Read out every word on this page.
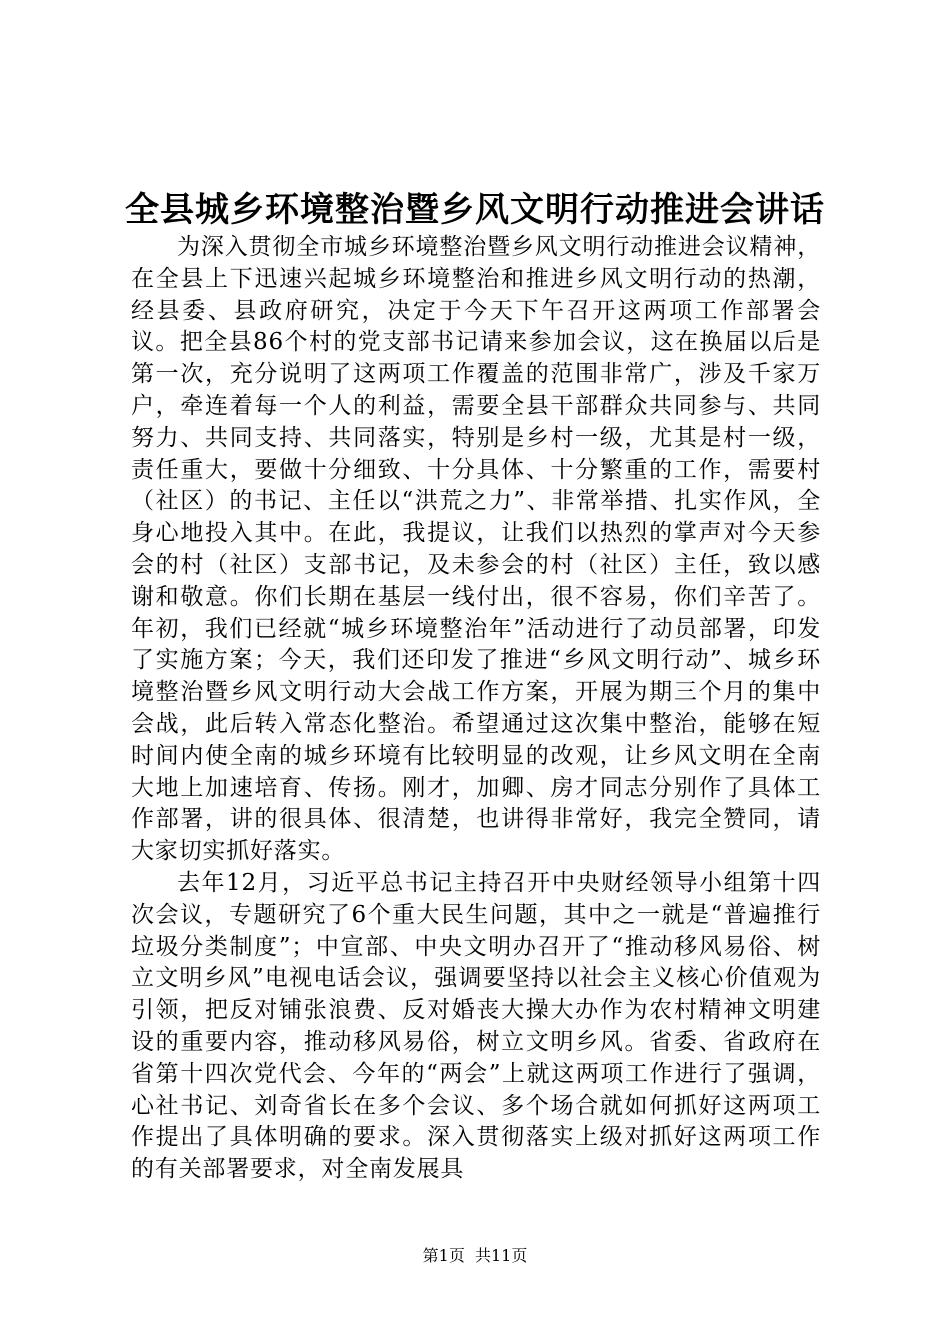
全县城乡环境整治暨乡风文明行动推进会讲话

为深入贯彻全市城乡环境整治暨乡风文明行动推进会议精神，在全县上下迅速兴起城乡环境整治和推进乡风文明行动的热潮，经县委、县政府研究，决定于今天下午召开这两项工作部署会议。把全县86个村的党支部书记请来参加会议，这在换届以后是第一次，充分说明了这两项工作覆盖的范围非常广，涉及千家万户，牵连着每一个人的利益，需要全县干部群众共同参与、共同努力、共同支持、共同落实，特别是乡村一级，尤其是村一级，责任重大，要做十分细致、十分具体、十分繁重的工作，需要村（社区）的书记、主任以“洪荒之力”、非常举措、扎实作风，全身心地投入其中。在此，我提议，让我们以热烈的掌声对今天参会的村（社区）支部书记，及未参会的村（社区）主任，致以感谢和敬意。你们长期在基层一线付出，很不容易，你们辛苦了。年初，我们已经就“城乡环境整治年”活动进行了动员部署，印发了实施方案；今天，我们还印发了推进“乡风文明行动”、城乡环境整治暨乡风文明行动大会战工作方案，开展为期三个月的集中会战，此后转入常态化整治。希望通过这次集中整治，能够在短时间内使全南的城乡环境有比较明显的改观，让乡风文明在全南大地上加速培育、传扬。刚才，加卿、房才同志分别作了具体工作部署，讲的很具体、很清楚，也讲得非常好，我完全赞同，请大家切实抓好落实。

去年12月，习近平总书记主持召开中央财经领导小组第十四次会议，专题研究了6个重大民生问题，其中之一就是“普遍推行垃圾分类制度”；中宣部、中央文明办召开了“推动移风易俗、树立文明乡风”电视电话会议，强调要坚持以社会主义核心价值观为引领，把反对铺张浪费、反对婚丧大操大办作为农村精神文明建设的重要内容，推动移风易俗，树立文明乡风。省委、省政府在省第十四次党代会、今年的“两会”上就这两项工作进行了强调，心社书记、刘奇省长在多个会议、多个场合就如何抓好这两项工作提出了具体明确的要求。深入贯彻落实上级对抓好这两项工作的有关部署要求，对全南发展具

第1页  共11页
